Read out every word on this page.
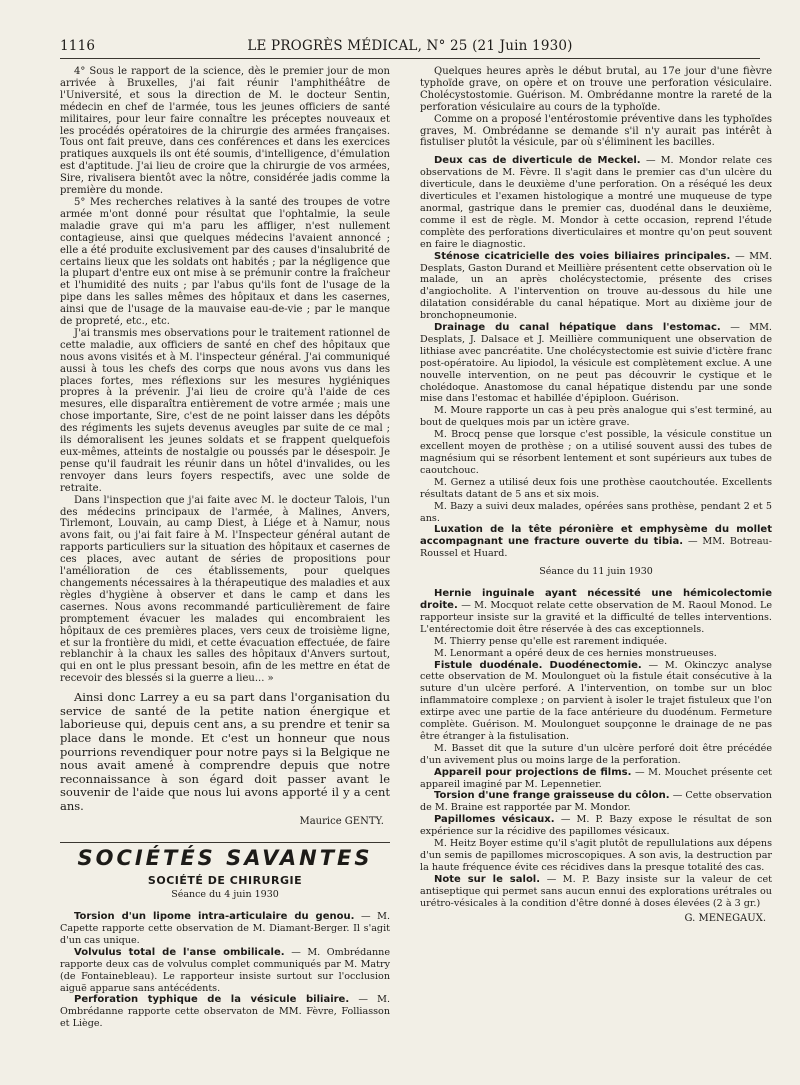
1116	LE PROGRÈS MÉDICAL, N° 25 (21 Juin 1930)

4° Sous le rapport de la science, dès le premier jour de mon arrivée à Bruxelles, j'ai fait réunir l'amphithéâtre de l'Université, et sous la direction de M. le docteur Sentin, médecin en chef de l'armée, tous les jeunes officiers de santé militaires, pour leur faire connaître les préceptes nouveaux et les procédés opératoires de la chirurgie des armées françaises. Tous ont fait preuve, dans ces conférences et dans les exercices pratiques auxquels ils ont été soumis, d'intelligence, d'émulation est d'aptitude. J'ai lieu de croire que la chirurgie de vos armées, Sire, rivalisera bientôt avec la nôtre, considérée jadis comme la première du monde.

5° Mes recherches relatives à la santé des troupes de votre armée m'ont donné pour résultat que l'ophtalmie, la seule maladie grave qui m'a paru les affliger, n'est nullement contagieuse, ainsi que quelques médecins l'avaient annoncé ; elle a été produite exclusivement par des causes d'insalubrité de certains lieux que les soldats ont habités ; par la négligence que la plupart d'entre eux ont mise à se prémunir contre la fraîcheur et l'humidité des nuits ; par l'abus qu'ils font de l'usage de la pipe dans les salles mêmes des hôpitaux et dans les casernes, ainsi que de l'usage de la mauvaise eau-de-vie ; par le manque de propreté, etc., etc.

J'ai transmis mes observations pour le traitement rationnel de cette maladie, aux officiers de santé en chef des hôpitaux que nous avons visités et à M. l'inspecteur général. J'ai communiqué aussi à tous les chefs des corps que nous avons vus dans les places fortes, mes réflexions sur les mesures hygiéniques propres à la prévenir. J'ai lieu de croire qu'à l'aide de ces mesures, elle disparaîtra entièrement de votre armée ; mais une chose importante, Sire, c'est de ne point laisser dans les dépôts des régiments les sujets devenus aveugles par suite de ce mal ; ils démoralisent les jeunes soldats et se frappent quelquefois eux-mêmes, atteints de nostalgie ou poussés par le désespoir. Je pense qu'il faudrait les réunir dans un hôtel d'invalides, ou les renvoyer dans leurs foyers respectifs, avec une solde de retraite.

Dans l'inspection que j'ai faite avec M. le docteur Talois, l'un des médecins principaux de l'armée, à Malines, Anvers, Tirlemont, Louvain, au camp Diest, à Liége et à Namur, nous avons fait, ou j'ai fait faire à M. l'Inspecteur général autant de rapports particuliers sur la situation des hôpitaux et casernes de ces places, avec autant de séries de propositions pour l'amélioration de ces établissements, pour quelques changements nécessaires à la thérapeutique des maladies et aux règles d'hygiène à observer et dans le camp et dans les casernes. Nous avons recommandé particulièrement de faire promptement évacuer les malades qui encombraient les hôpitaux de ces premières places, vers ceux de troisième ligne, et sur la frontière du midi, et cette évacuation effectuée, de faire reblanchir à la chaux les salles des hôpitaux d'Anvers surtout, qui en ont le plus pressant besoin, afin de les mettre en état de recevoir des blessés si la guerre a lieu... »

Ainsi donc Larrey a eu sa part dans l'organisation du service de santé de la petite nation énergique et laborieuse qui, depuis cent ans, a su prendre et tenir sa place dans le monde. Et c'est un honneur que nous pourrions revendiquer pour notre pays si la Belgique ne nous avait amené à comprendre depuis que notre reconnaissance à son égard doit passer avant le souvenir de l'aide que nous lui avons apporté il y a cent ans.

Maurice GENTY.
SOCIÉTÉS SAVANTES
SOCIÉTÉ DE CHIRURGIE
Séance du 4 juin 1930

Torsion d'un lipome intra-articulaire du genou. — M. Capette rapporte cette observation de M. Diamant-Berger. Il s'agit d'un cas unique.

Volvulus total de l'anse ombilicale. — M. Ombrédanne rapporte deux cas de volvulus complet communiqués par M. Matry (de Fontainebleau). Le rapporteur insiste surtout sur l'occlusion aiguë apparue sans antécédents.

Perforation typhique de la vésicule biliaire. — M. Ombrédanne rapporte cette observaton de MM. Fèvre, Folliasson et Liège.

Quelques heures après le début brutal, au 17e jour d'une fièvre typhoïde grave, on opère et on trouve une perforation vésiculaire. Cholécystostomie. Guérison. M. Ombrédanne montre la rareté de la perforation vésiculaire au cours de la typhoïde.

Comme on a proposé l'entérostomie préventive dans les typhoïdes graves, M. Ombrédanne se demande s'il n'y aurait pas intérêt à fistuliser plutôt la vésicule, par où s'éliminent les bacilles.

Deux cas de diverticule de Meckel. — M. Mondor relate ces observations de M. Fèvre. Il s'agit dans le premier cas d'un ulcère du diverticule, dans le deuxième d'une perforation. On a réséqué les deux diverticules et l'examen histologique a montré une muqueuse de type anormal, gastrique dans le premier cas, duodénal dans le deuxième, comme il est de règle. M. Mondor à cette occasion, reprend l'étude complète des perforations diverticulaires et montre qu'on peut souvent en faire le diagnostic.

Sténose cicatricielle des voies biliaires principales. — MM. Desplats, Gaston Durand et Meillière présentent cette observation où le malade, un an après cholécystectomie, présente des crises d'angiocholite. A l'intervention on trouve au-dessous du hile une dilatation considérable du canal hépatique. Mort au dixième jour de bronchopneumonie.

Drainage du canal hépatique dans l'estomac. — MM. Desplats, J. Dalsace et J. Meillière communiquent une observation de lithiase avec pancréatite. Une cholécystectomie est suivie d'ictère franc post-opératoire. Au lipiodol, la vésicule est complètement exclue. A une nouvelle intervention, on ne peut pas découvrir le cystique et le cholédoque. Anastomose du canal hépatique distendu par une sonde mise dans l'estomac et habillée d'épiploon. Guérison.

M. Moure rapporte un cas à peu près analogue qui s'est terminé, au bout de quelques mois par un ictère grave.

M. Brocq pense que lorsque c'est possible, la vésicule constitue un excellent moyen de prothèse ; on a utilisé souvent aussi des tubes de magnésium qui se résorbent lentement et sont supérieurs aux tubes de caoutchouc.

M. Gernez a utilisé deux fois une prothèse caoutchoutée. Excellents résultats datant de 5 ans et six mois.

M. Bazy a suivi deux malades, opérées sans prothèse, pendant 2 et 5 ans.

Luxation de la tête péronière et emphysème du mollet accompagnant une fracture ouverte du tibia. — MM. Botreau-Roussel et Huard.

Séance du 11 juin 1930

Hernie inguinale ayant nécessité une hémicolectomie droite. — M. Mocquot relate cette observation de M. Raoul Monod. Le rapporteur insiste sur la gravité et la difficulté de telles interventions. L'entérectomie doit être réservée à des cas exceptionnels.

M. Thierry pense qu'elle est rarement indiquée.

M. Lenormant a opéré deux de ces hernies monstrueuses.

Fistule duodénale. Duodénectomie. — M. Okinczyc analyse cette observation de M. Moulonguet où la fistule était consécutive à la suture d'un ulcère perforé. A l'intervention, on tombe sur un bloc inflammatoire complexe ; on parvient à isoler le trajet fistuleux que l'on extirpe avec une partie de la face antérieure du duodénum. Fermeture complète. Guérison. M. Moulonguet soupçonne le drainage de ne pas être étranger à la fistulisation.

M. Basset dit que la suture d'un ulcère perforé doit être précédée d'un avivement plus ou moins large de la perforation.

Appareil pour projections de films. — M. Mouchet présente cet appareil imaginé par M. Lepennetier.

Torsion d'une frange graisseuse du côlon. — Cette observation de M. Braine est rapportée par M. Mondor.

Papillomes vésicaux. — M. P. Bazy expose le résultat de son expérience sur la récidive des papillomes vésicaux.

M. Heitz Boyer estime qu'il s'agit plutôt de repullulations aux dépens d'un semis de papillomes microscopiques. A son avis, la destruction par la haute fréquence évite ces récidives dans la presque totalité des cas.

Note sur le salol. — M. P. Bazy insiste sur la valeur de cet antiseptique qui permet sans aucun ennui des explorations urétrales ou urétro-vésicales à la condition d'être donné à doses élevées (2 à 3 gr.)

G. MENEGAUX.
